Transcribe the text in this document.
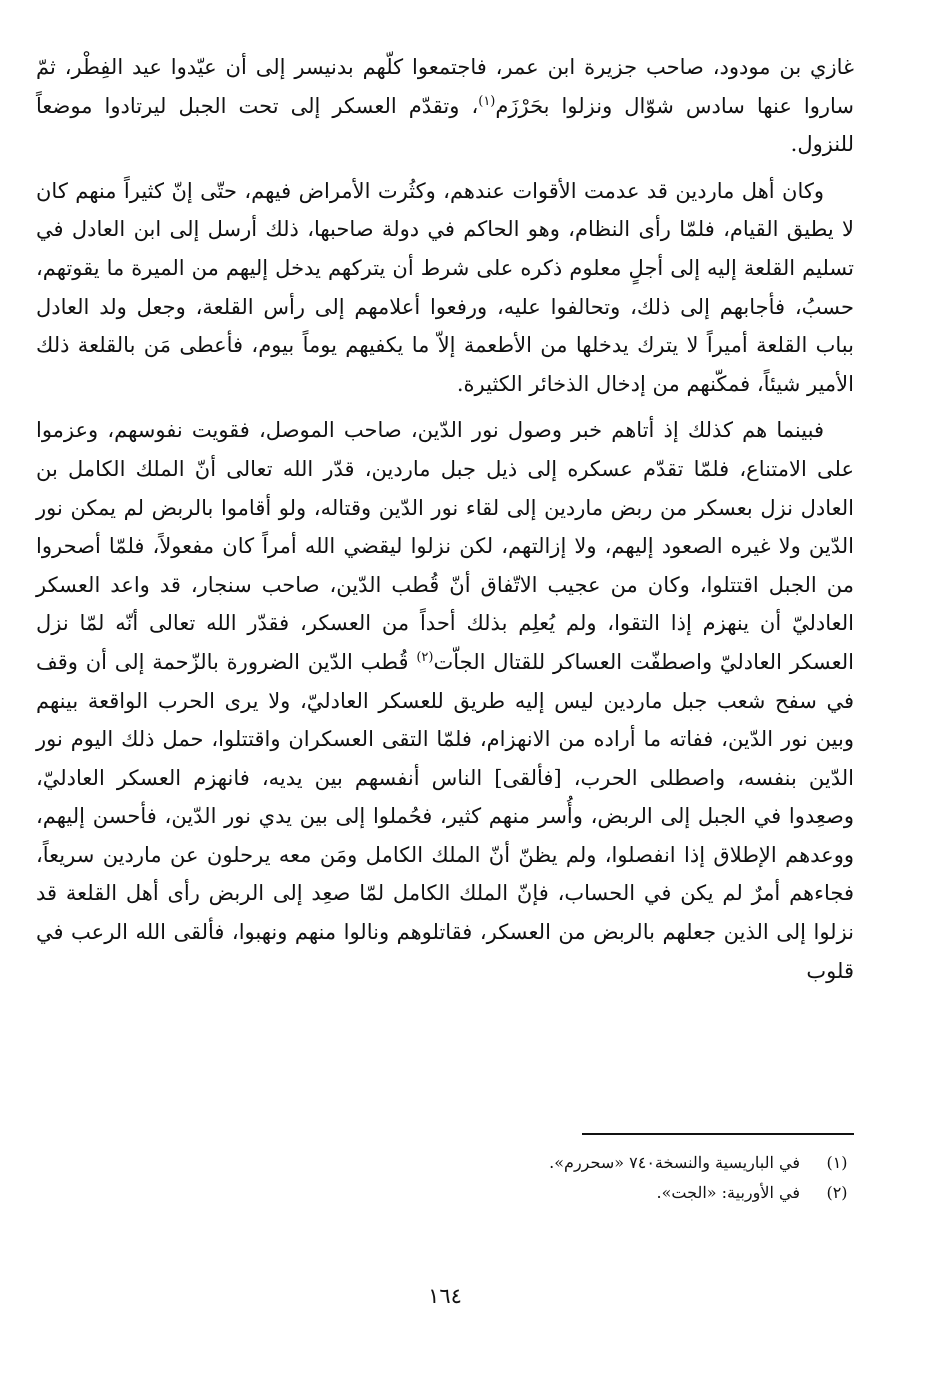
غازي بن مودود، صاحب جزيرة ابن عمر، فاجتمعوا كلّهم بدنيسر إلى أن عيّدوا عيد الفِطْر، ثمّ ساروا عنها سادس شوّال ونزلوا بحَرْزَم$^{(١)}$، وتقدّم العسكر إلى تحت الجبل ليرتادوا موضعاً للنزول.

وكان أهل ماردين قد عدمت الأقوات عندهم، وكثُرت الأمراض فيهم، حتّى إنّ كثيراً منهم كان لا يطيق القيام، فلمّا رأى النظام، وهو الحاكم في دولة صاحبها، ذلك أرسل إلى ابن العادل في تسليم القلعة إليه إلى أجلٍ معلوم ذكره على شرط أن يتركهم يدخل إليهم من الميرة ما يقوتهم، حسبُ، فأجابهم إلى ذلك، وتحالفوا عليه، ورفعوا أعلامهم إلى رأس القلعة، وجعل ولد العادل بباب القلعة أميراً لا يترك يدخلها من الأطعمة إلاّ ما يكفيهم يوماً بيوم، فأعطى مَن بالقلعة ذلك الأمير شيئاً، فمكّنهم من إدخال الذخائر الكثيرة.

فبينما هم كذلك إذ أتاهم خبر وصول نور الدّين، صاحب الموصل، فقويت نفوسهم، وعزموا على الامتناع، فلمّا تقدّم عسكره إلى ذيل جبل ماردين، قدّر الله تعالى أنّ الملك الكامل بن العادل نزل بعسكر من ربض ماردين إلى لقاء نور الدّين وقتاله، ولو أقاموا بالربض لم يمكن نور الدّين ولا غيره الصعود إليهم، ولا إزالتهم، لكن نزلوا ليقضي الله أمراً كان مفعولاً، فلمّا أصحروا من الجبل اقتتلوا، وكان من عجيب الاتّفاق أنّ قُطب الدّين، صاحب سنجار، قد واعد العسكر العادليّ أن ينهزم إذا التقوا، ولم يُعلِم بذلك أحداً من العسكر، فقدّر الله تعالى أنّه لمّا نزل العسكر العادليّ واصطفّت العساكر للقتال الجاّت$^{(٢)}$ قُطب الدّين الضرورة بالزّحمة إلى أن وقف في سفح شعب جبل ماردين ليس إليه طريق للعسكر العادليّ، ولا يرى الحرب الواقعة بينهم وبين نور الدّين، ففاته ما أراده من الانهزام، فلمّا التقى العسكران واقتتلوا، حمل ذلك اليوم نور الدّين بنفسه، واصطلى الحرب، [فألقى] الناس أنفسهم بين يديه، فانهزم العسكر العادليّ، وصعِدوا في الجبل إلى الربض، وأُسر منهم كثير، فحُملوا إلى بين يدي نور الدّين، فأحسن إليهم، ووعدهم الإطلاق إذا انفصلوا، ولم يظنّ أنّ الملك الكامل ومَن معه يرحلون عن ماردين سريعاً، فجاءهم أمرٌ لم يكن في الحساب، فإنّ الملك الكامل لمّا صعِد إلى الربض رأى أهل القلعة قد نزلوا إلى الذين جعلهم بالربض من العسكر، فقاتلوهم ونالوا منهم ونهبوا، فألقى الله الرعب في قلوب

(١)
في الباريسية والنسخة٧٤٠ «سحررم».
(٢)
في الأوربية: «الجت».
١٦٤
